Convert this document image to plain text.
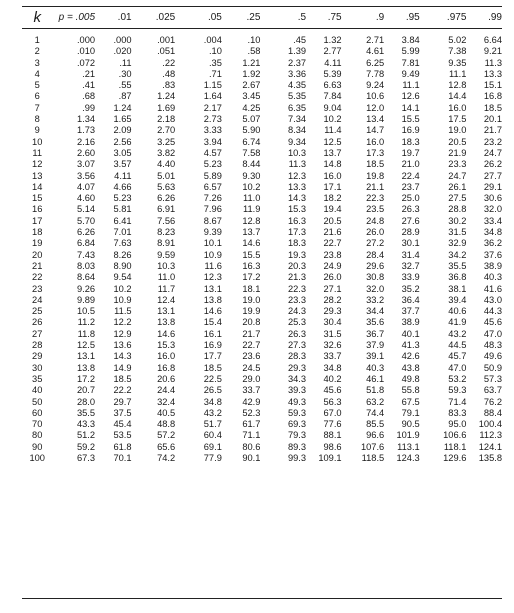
k	p = .005	.01	.025	.05	.25	.5	.75	.9	.95	.975	.99
1	.000	.000	.001	.004	.10	.45	1.32	2.71	3.84	5.02	6.64
2	.010	.020	.051	.10	.58	1.39	2.77	4.61	5.99	7.38	9.21
3	.072	.11	.22	.35	1.21	2.37	4.11	6.25	7.81	9.35	11.3
4	.21	.30	.48	.71	1.92	3.36	5.39	7.78	9.49	11.1	13.3
5	.41	.55	.83	1.15	2.67	4.35	6.63	9.24	11.1	12.8	15.1
6	.68	.87	1.24	1.64	3.45	5.35	7.84	10.6	12.6	14.4	16.8
7	.99	1.24	1.69	2.17	4.25	6.35	9.04	12.0	14.1	16.0	18.5
8	1.34	1.65	2.18	2.73	5.07	7.34	10.2	13.4	15.5	17.5	20.1
9	1.73	2.09	2.70	3.33	5.90	8.34	11.4	14.7	16.9	19.0	21.7
10	2.16	2.56	3.25	3.94	6.74	9.34	12.5	16.0	18.3	20.5	23.2
11	2.60	3.05	3.82	4.57	7.58	10.3	13.7	17.3	19.7	21.9	24.7
12	3.07	3.57	4.40	5.23	8.44	11.3	14.8	18.5	21.0	23.3	26.2
13	3.56	4.11	5.01	5.89	9.30	12.3	16.0	19.8	22.4	24.7	27.7
14	4.07	4.66	5.63	6.57	10.2	13.3	17.1	21.1	23.7	26.1	29.1
15	4.60	5.23	6.26	7.26	11.0	14.3	18.2	22.3	25.0	27.5	30.6
16	5.14	5.81	6.91	7.96	11.9	15.3	19.4	23.5	26.3	28.8	32.0
17	5.70	6.41	7.56	8.67	12.8	16.3	20.5	24.8	27.6	30.2	33.4
18	6.26	7.01	8.23	9.39	13.7	17.3	21.6	26.0	28.9	31.5	34.8
19	6.84	7.63	8.91	10.1	14.6	18.3	22.7	27.2	30.1	32.9	36.2
20	7.43	8.26	9.59	10.9	15.5	19.3	23.8	28.4	31.4	34.2	37.6
21	8.03	8.90	10.3	11.6	16.3	20.3	24.9	29.6	32.7	35.5	38.9
22	8.64	9.54	11.0	12.3	17.2	21.3	26.0	30.8	33.9	36.8	40.3
23	9.26	10.2	11.7	13.1	18.1	22.3	27.1	32.0	35.2	38.1	41.6
24	9.89	10.9	12.4	13.8	19.0	23.3	28.2	33.2	36.4	39.4	43.0
25	10.5	11.5	13.1	14.6	19.9	24.3	29.3	34.4	37.7	40.6	44.3
26	11.2	12.2	13.8	15.4	20.8	25.3	30.4	35.6	38.9	41.9	45.6
27	11.8	12.9	14.6	16.1	21.7	26.3	31.5	36.7	40.1	43.2	47.0
28	12.5	13.6	15.3	16.9	22.7	27.3	32.6	37.9	41.3	44.5	48.3
29	13.1	14.3	16.0	17.7	23.6	28.3	33.7	39.1	42.6	45.7	49.6
30	13.8	14.9	16.8	18.5	24.5	29.3	34.8	40.3	43.8	47.0	50.9
35	17.2	18.5	20.6	22.5	29.0	34.3	40.2	46.1	49.8	53.2	57.3
40	20.7	22.2	24.4	26.5	33.7	39.3	45.6	51.8	55.8	59.3	63.7
50	28.0	29.7	32.4	34.8	42.9	49.3	56.3	63.2	67.5	71.4	76.2
60	35.5	37.5	40.5	43.2	52.3	59.3	67.0	74.4	79.1	83.3	88.4
70	43.3	45.4	48.8	51.7	61.7	69.3	77.6	85.5	90.5	95.0	100.4
80	51.2	53.5	57.2	60.4	71.1	79.3	88.1	96.6	101.9	106.6	112.3
90	59.2	61.8	65.6	69.1	80.6	89.3	98.6	107.6	113.1	118.1	124.1
100	67.3	70.1	74.2	77.9	90.1	99.3	109.1	118.5	124.3	129.6	135.8
